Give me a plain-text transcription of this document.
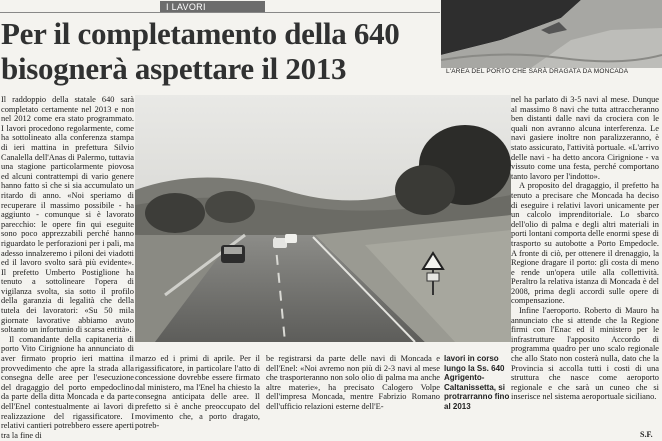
I LAVORI
Per il completamento della 640
bisognerà aspettare il 2013	L'AREA DEL PORTO CHE SARÀ DRAGATA DA MONCADA

Il raddoppio della statale 640 sarà completato certamente nel 2013 e non nel 2012 come era stato programmato. I lavori procedono regolarmente, come ha sottolineato alla conferenza stampa di ieri mattina in prefettura Silvio Canalella dell'Anas di Palermo, tuttavia una stagione particolarmente piovosa ed alcuni contrattempi di vario genere hanno fatto sì che si sia accumulato un ritardo di anno. «Noi speriamo di recuperare il massimo possibile - ha aggiunto - comunque si è lavorato parecchio: le opere fin qui eseguite sono poco apprezzabili perché hanno riguardato le perforazioni per i pali, ma adesso innalzeremo i piloni dei viadotti ed il lavoro svolto sarà più evidente». Il prefetto Umberto Postiglione ha tenuto a sottolineare l'opera di vigilanza svolta, sia sotto il profilo della garanzia di legalità che della tutela dei lavoratori: «Su 50 mila giornate lavorative abbiamo avuto soltanto un infortunio di scarsa entità».

Il comandante della capitaneria di porto Vito Cirignione ha annunciato di aver firmato proprio ieri mattina il provvedimento che apre la strada alla consegna delle aree per l'esecuzione del dragaggio del porto empedoclino da parte della ditta Moncada e da parte dell'Enel contestualmente ai lavori di realizzazione del rigassificatore. I relativi cantieri potrebbero essere aperti tra la fine di

marzo ed i primi di aprile. Per il rigassificatore, in particolare l'atto di concessione dovrebbe essere firmato dal ministero, ma l'Enel ha chiesto la consegna anticipata delle aree. Il prefetto si è anche preoccupato del movimento che, a porto dragato, potreb-

be registrarsi da parte delle navi di Moncada e dell'Enel: «Noi avremo non più di 2-3 navi al mese che trasporteranno non solo olio di palma ma anche altre materie», ha precisato Calogero Volpe dell'impresa Moncada, mentre Fabrizio Romano dell'ufficio relazioni esterne dell'E-

lavori in corso lungo la Ss. 640 Agrigento-Caltanissetta, si protrarranno fino al 2013

nel ha parlato di 3-5 navi al mese. Dunque al massimo 8 navi che tutta attraccheranno ben distanti dalle navi da crociera con le quali non avranno alcuna interferenza. Le navi gasiere inoltre non paralizzeranno, è stato assicurato, l'attività portuale. «L'arrivo delle navi - ha detto ancora Cirignione - va vissuto come una festa, perché comportano tanto lavoro per l'indotto».

A proposito del dragaggio, il prefetto ha tenuto a precisare che Moncada ha deciso di eseguire i relativi lavori unicamente per un calcolo imprenditoriale. Lo sbarco dell'olio di palma e degli altri materiali in porti lontani comporta delle enormi spese di trasporto su autobotte a Porto Empedocle. A fronte di ciò, per ottenere il drenaggio, la Regione dragare il porto: gli costa di meno e rende un'opera utile alla collettività. Peraltro la relativa istanza di Moncada è del 2008, prima degli accordi sulle opere di compensazione.

Infine l'aeroporto. Roberto di Mauro ha annunciato che si attende che la Regione firmi con l'Enac ed il ministero per le infrastrutture l'apposito Accordo di programma quadro per uno scalo regionale che allo Stato non costerà nulla, dato che la Provincia si accolla tutti i costi di una struttura che nasce come aeroporto regionale e che sarà un cuneo che si inserisce nel sistema aeroportuale siciliano.

S.F.
